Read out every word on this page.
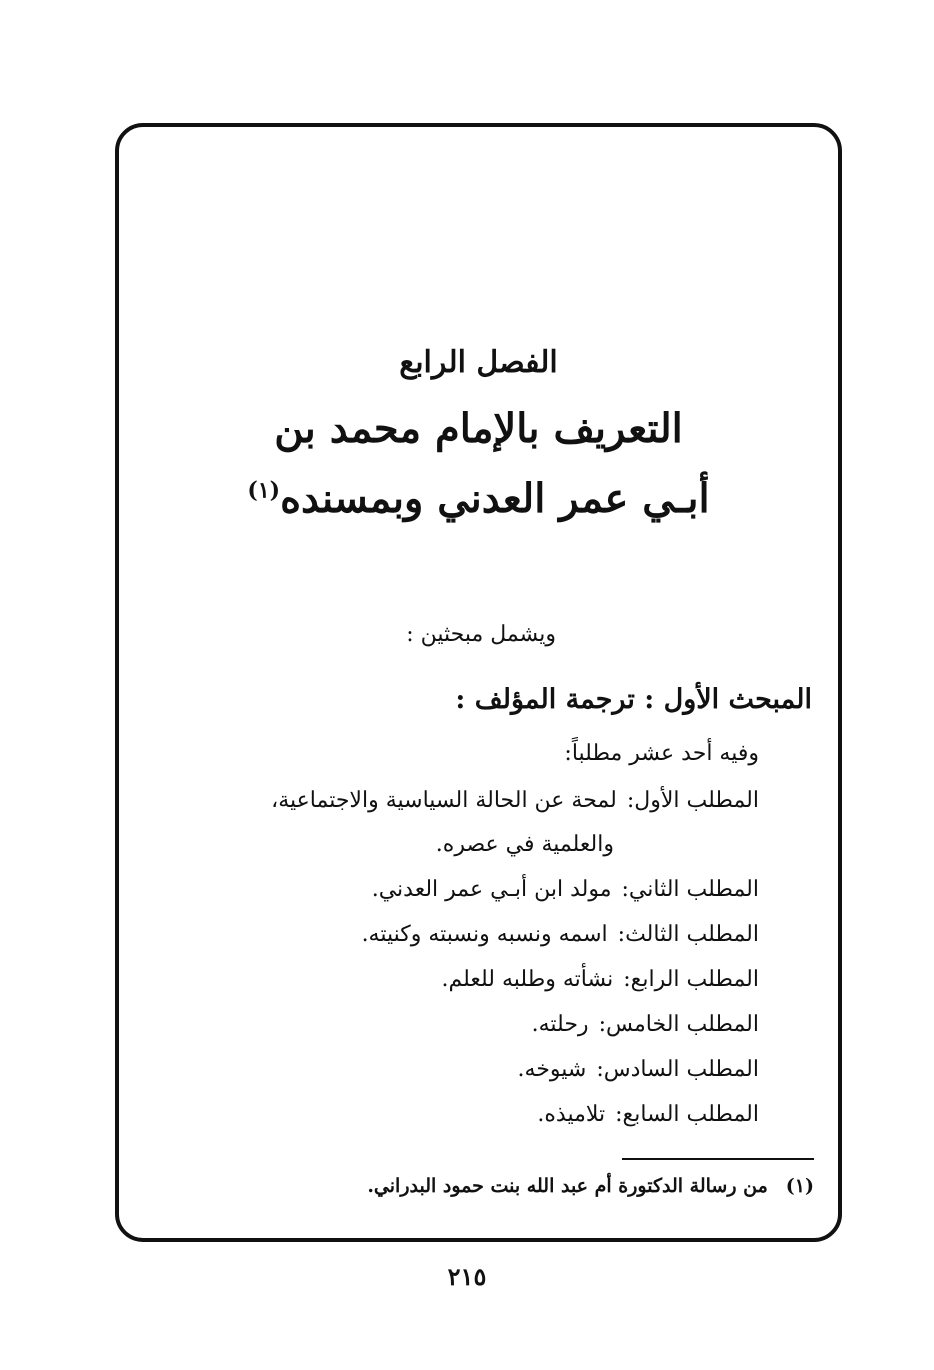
الفصل الرابع
التعريف بالإمام محمد بن
أبـي عمر العدني وبمسنده$^{(١)}$
ويشمل مبحثين :
المبحث الأول : ترجمة المؤلف :
وفيه أحد عشر مطلباً:
المطلب الأول:لمحة عن الحالة السياسية والاجتماعية،
والعلمية في عصره.
المطلب الثاني:مولد ابن أبـي عمر العدني.
المطلب الثالث:اسمه ونسبه ونسبته وكنيته.
المطلب الرابع:نشأته وطلبه للعلم.
المطلب الخامس:رحلته.
المطلب السادس:شيوخه.
المطلب السابع:تلاميذه.
(١)من رسالة الدكتورة أم عبد الله بنت حمود البدراني.
٢١٥
